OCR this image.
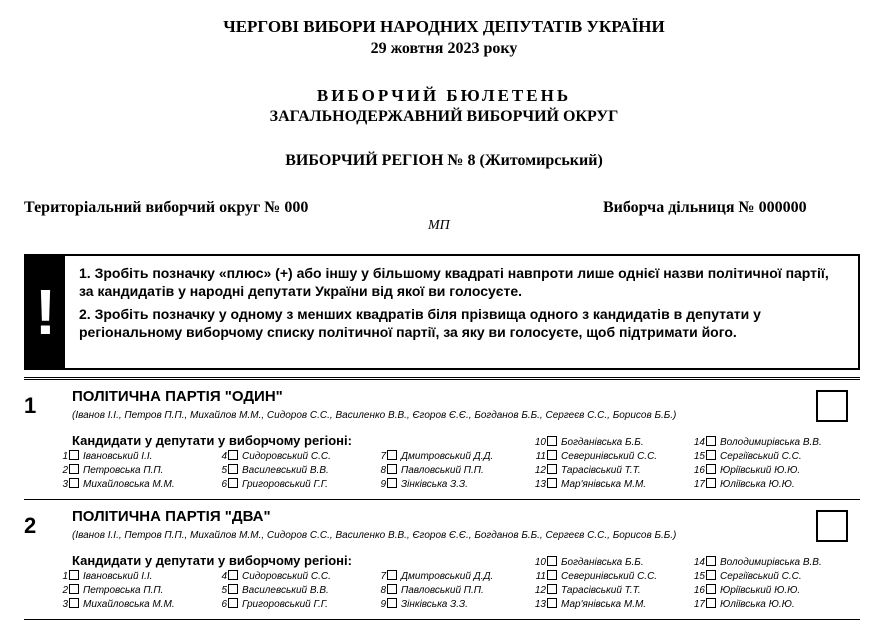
ЧЕРГОВІ ВИБОРИ НАРОДНИХ ДЕПУТАТІВ УКРАЇНИ
29 жовтня 2023 року
ВИБОРЧИЙ БЮЛЕТЕНЬ
ЗАГАЛЬНОДЕРЖАВНИЙ ВИБОРЧИЙ ОКРУГ
ВИБОРЧИЙ РЕГІОН № 8 (Житомирський)
Територіальний виборчий округ № 000	Виборча дільниця № 000000
МП
!

1. Зробіть позначку «плюс» (+) або іншу у більшому квадраті навпроти лише однієї назви політичної партії, за кандидатів у народні депутати України від якої ви голосуєте.

2. Зробіть позначку у одному з менших квадратів біля прізвища одного з кандидатів в депутати у регіональному виборчому списку політичної партії, за яку ви голосуєте, щоб підтримати його.

1 ПОЛІТИЧНА ПАРТІЯ "ОДИН"
(Іванов І.І., Петров П.П., Михайлов М.М., Сидоров С.С., Василенко В.В., Єгоров Є.Є., Богданов Б.Б., Сергеєв С.С., Борисов Б.Б.)
Кандидати у депутати у виборчому регіоні:
1 Івановський І.І.
2 Петровська П.П.
3 Михайловська М.М.
4 Сидоровський С.С.
5 Василевський В.В.
6 Григоровський Г.Г.
7 Дмитровський Д.Д.
8 Павловський П.П.
9 Зінківська З.З.
10 Богданівська Б.Б.
11 Северинівський С.С.
12 Тарасівський Т.Т.
13 Мар'янівська М.М.
14 Володимирівська В.В.
15 Сергіївський С.С.
16 Юріївський Ю.Ю.
17 Юліївська Ю.Ю.
2 ПОЛІТИЧНА ПАРТІЯ "ДВА"
(Іванов І.І., Петров П.П., Михайлов М.М., Сидоров С.С., Василенко В.В., Єгоров Є.Є., Богданов Б.Б., Сергеєв С.С., Борисов Б.Б.)
Кандидати у депутати у виборчому регіоні:
1 Івановський І.І.
2 Петровська П.П.
3 Михайловська М.М.
4 Сидоровський С.С.
5 Василевський В.В.
6 Григоровський Г.Г.
7 Дмитровський Д.Д.
8 Павловський П.П.
9 Зінківська З.З.
10 Богданівська Б.Б.
11 Северинівський С.С.
12 Тарасівський Т.Т.
13 Мар'янівська М.М.
14 Володимирівська В.В.
15 Сергіївський С.С.
16 Юріївський Ю.Ю.
17 Юліївська Ю.Ю.
